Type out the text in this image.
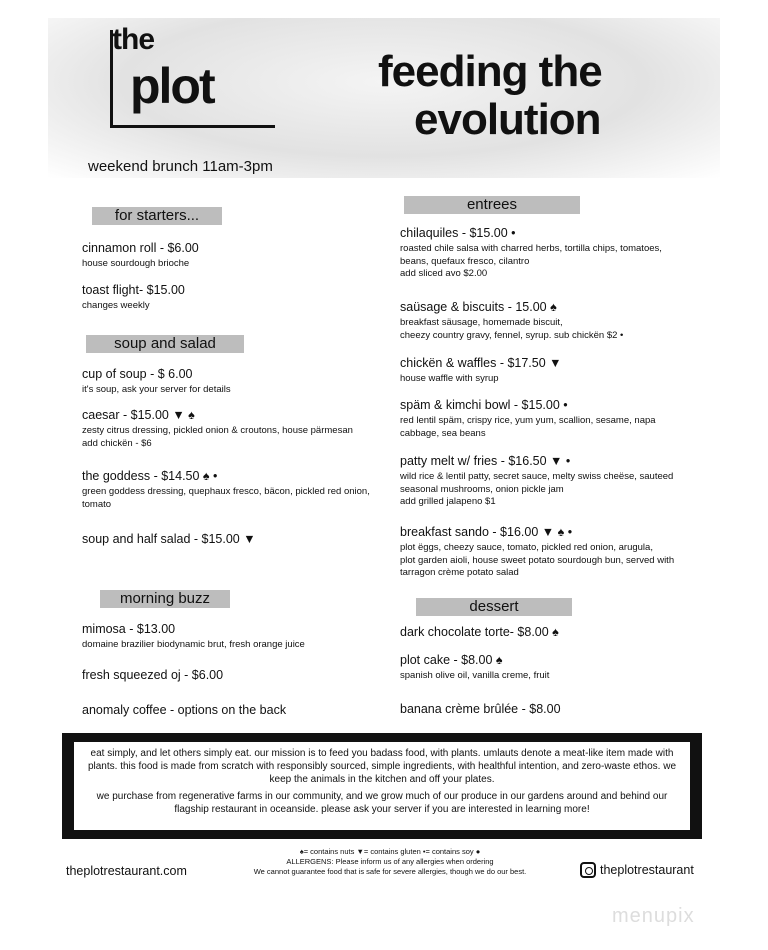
the
plot	feeding the
evolution
weekend brunch 11am-3pm
for starters...
cinnamon roll - $6.00
house sourdough brioche
toast flight- $15.00
changes weekly
soup and salad
cup of soup - $ 6.00
it's soup, ask your server for details
caesar - $15.00 ▼ ♠
zesty citrus dressing, pickled onion & croutons, house pärmesan
add chickën - $6
the goddess - $14.50 ♠ •
green goddess dressing, quephaux fresco, bäcon, pickled red onion,
tomato
soup and half salad - $15.00 ▼
morning buzz
mimosa - $13.00
domaine brazilier biodynamic brut, fresh orange juice
fresh squeezed oj - $6.00
anomaly coffee - options on the back
entrees
chilaquiles - $15.00 •
roasted chile salsa with charred herbs, tortilla chips, tomatoes,
beans, quefaux fresco, cilantro
add sliced avo $2.00
saüsage & biscuits - 15.00 ♠
breakfast säusage, homemade biscuit,
cheezy country gravy, fennel, syrup. sub chickën $2 •
chickën & waffles - $17.50 ▼
house waffle with syrup
späm & kimchi bowl - $15.00 •
red lentil späm, crispy rice, yum yum, scallion, sesame, napa
cabbage, sea beans
patty melt w/ fries - $16.50 ▼ •
wild rice & lentil patty, secret sauce, melty swiss cheëse, sauteed
seasonal mushrooms, onion pickle jam
add grilled jalapeno $1
breakfast sando - $16.00 ▼ ♠ •
plot ëggs, cheezy sauce, tomato, pickled red onion, arugula,
plot garden aioli, house sweet potato sourdough bun, served with
tarragon crème potato salad
dessert
dark chocolate torte- $8.00 ♠
plot cake - $8.00 ♠
spanish olive oil, vanilla creme, fruit
banana crème brûlée - $8.00

eat simply, and let others simply eat. our mission is to feed you badass food, with plants. umlauts denote a meat-like item made with plants. this food is made from scratch with responsibly sourced, simple ingredients, with healthful intention, and zero-waste ethos. we keep the animals in the kitchen and off your plates.

we purchase from regenerative farms in our community, and we grow much of our produce in our gardens around and behind our flagship restaurant in oceanside. please ask your server if you are interested in learning more!

♠= contains nuts ▼= contains gluten •= contains soy ●
ALLERGENS: Please inform us of any allergies when ordering
We cannot guarantee food that is safe for severe allergies, though we do our best.
theplotrestaurant.com	theplotrestaurant
menupix
